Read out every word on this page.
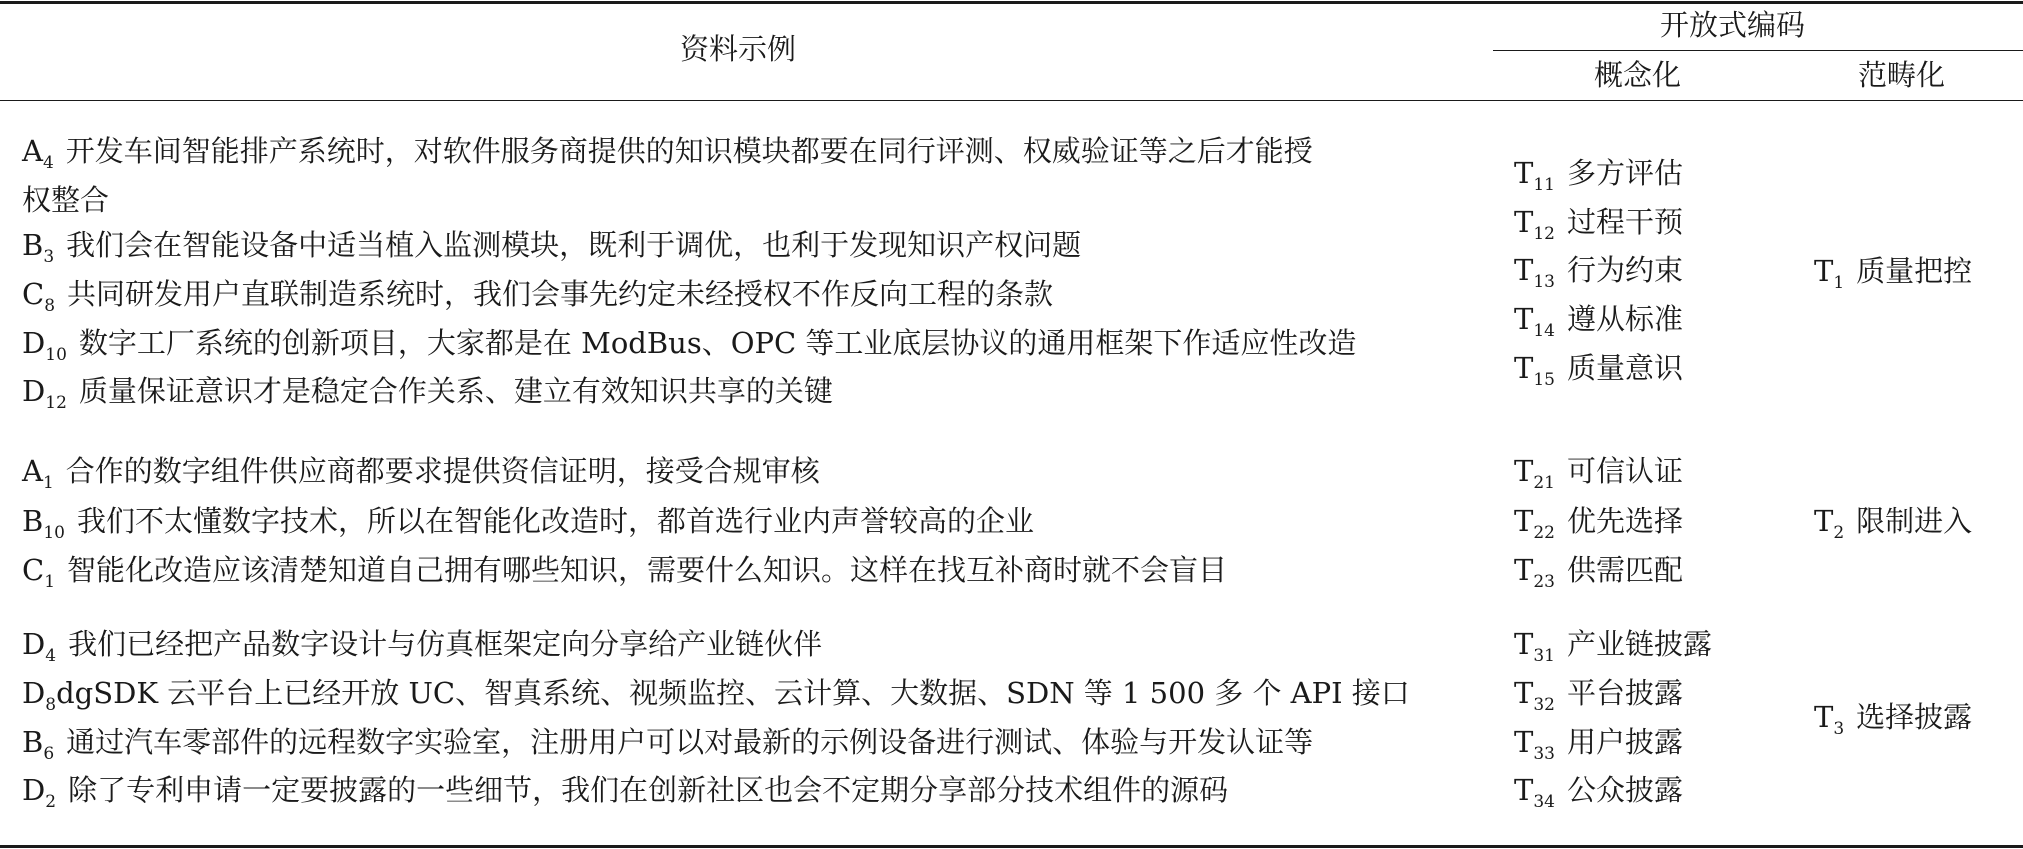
资料示例
开放式编码
概念化	范畴化
$A_4$ 开发车间智能排产系统时，对软件服务商提供的知识模块都要在同行评测、权威验证等之后才能授
权整合
$B_3$ 我们会在智能设备中适当植入监测模块，既利于调优，也利于发现知识产权问题
$C_8$ 共同研发用户直联制造系统时，我们会事先约定未经授权不作反向工程的条款
$D_{10}$ 数字工厂系统的创新项目，大家都是在 ModBus、OPC 等工业底层协议的通用框架下作适应性改造
$D_{12}$ 质量保证意识才是稳定合作关系、建立有效知识共享的关键
$T_{11}$ 多方评估
$T_{12}$ 过程干预
$T_{13}$ 行为约束
$T_{14}$ 遵从标准
$T_{15}$ 质量意识
$T_1$ 质量把控
$A_1$ 合作的数字组件供应商都要求提供资信证明，接受合规审核
$B_{10}$ 我们不太懂数字技术，所以在智能化改造时，都首选行业内声誉较高的企业
$C_1$ 智能化改造应该清楚知道自己拥有哪些知识，需要什么知识。这样在找互补商时就不会盲目
$T_{21}$ 可信认证
$T_{22}$ 优先选择
$T_{23}$ 供需匹配
$T_2$ 限制进入
$D_4$ 我们已经把产品数字设计与仿真框架定向分享给产业链伙伴
$D_8dgSDK$ 云平台上已经开放 UC、智真系统、视频监控、云计算、大数据、SDN 等 1 500 多 个 API 接口
$B_6$ 通过汽车零部件的远程数字实验室，注册用户可以对最新的示例设备进行测试、体验与开发认证等
$D_2$ 除了专利申请一定要披露的一些细节，我们在创新社区也会不定期分享部分技术组件的源码
$T_{31}$ 产业链披露
$T_{32}$ 平台披露
$T_{33}$ 用户披露
$T_{34}$ 公众披露
$T_3$ 选择披露
